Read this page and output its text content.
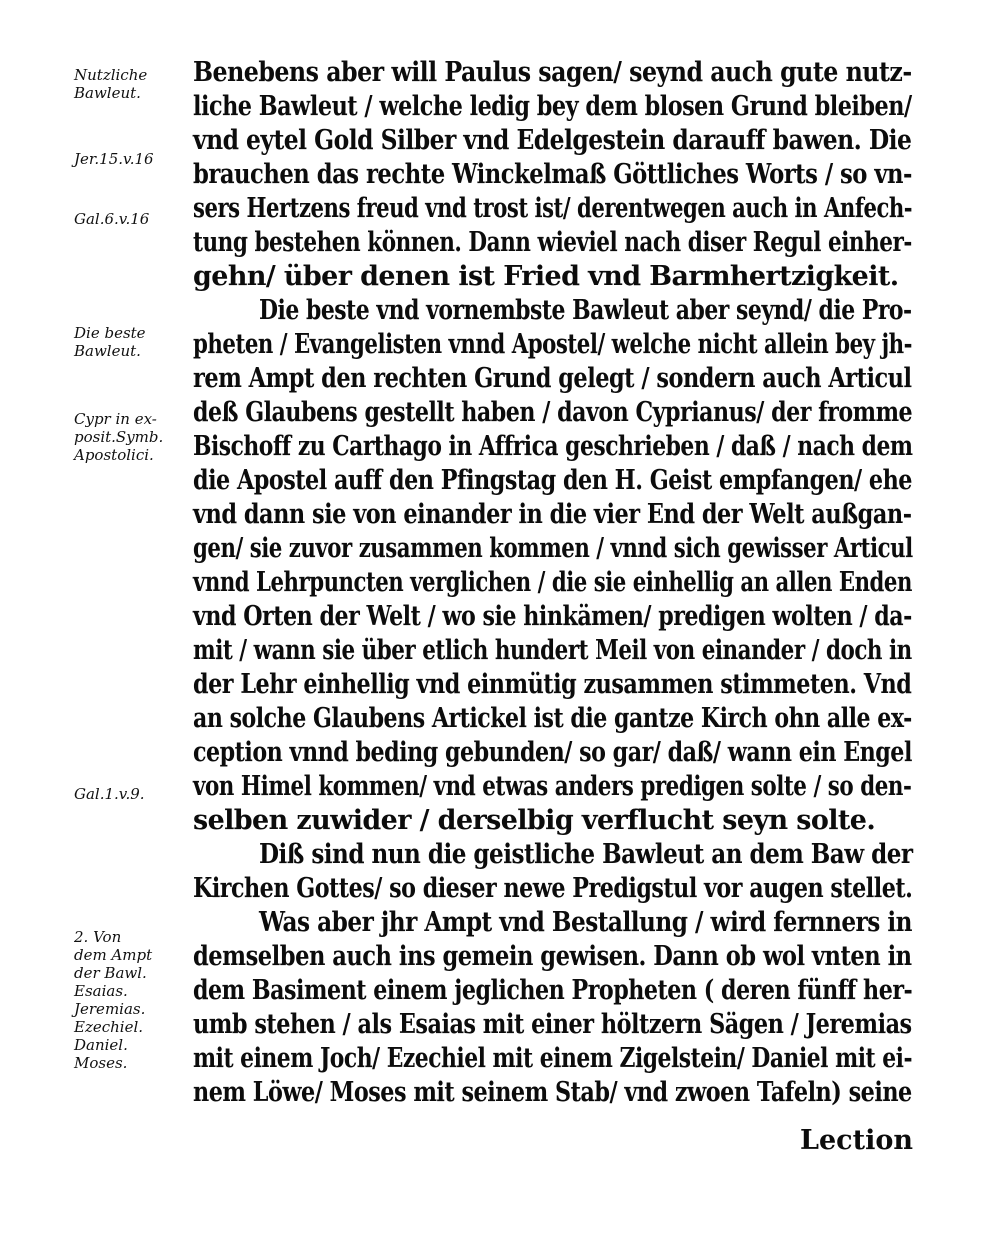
Nutzliche
Bawleut.
Jer.15.v.16
Gal.6.v.16
Die beste
Bawleut.
Cypr in ex-
posit.Symb.
Apostolici.
Gal.1.v.9.
2. Von
dem Ampt
der Bawl.
Esaias.
Jeremias.
Ezechiel.
Daniel.
Moses.
Benebens aber will Paulus sagen/ seynd auch gute nutz-
liche Bawleut / welche ledig bey dem blosen Grund bleiben/
vnd eytel Gold Silber vnd Edelgestein darauff bawen. Die
brauchen das rechte Winckelmaß Göttliches Worts / so vn-
sers Hertzens freud vnd trost ist/ derentwegen auch in Anfech-
tung bestehen können. Dann wieviel nach diser Regul einher-
gehn/ über denen ist Fried vnd Barmhertzigkeit.
Die beste vnd vornembste Bawleut aber seynd/ die Pro-
pheten / Evangelisten vnnd Apostel/ welche nicht allein bey jh-
rem Ampt den rechten Grund gelegt / sondern auch Articul
deß Glaubens gestellt haben / davon Cyprianus/ der fromme
Bischoff zu Carthago in Affrica geschrieben / daß / nach dem
die Apostel auff den Pfingstag den H. Geist empfangen/ ehe
vnd dann sie von einander in die vier End der Welt außgan-
gen/ sie zuvor zusammen kommen / vnnd sich gewisser Articul
vnnd Lehrpuncten verglichen / die sie einhellig an allen Enden
vnd Orten der Welt / wo sie hinkämen/ predigen wolten / da-
mit / wann sie über etlich hundert Meil von einander / doch in
der Lehr einhellig vnd einmütig zusammen stimmeten. Vnd
an solche Glaubens Artickel ist die gantze Kirch ohn alle ex-
ception vnnd beding gebunden/ so gar/ daß/ wann ein Engel
von Himel kommen/ vnd etwas anders predigen solte / so den-
selben zuwider / derselbig verflucht seyn solte.
Diß sind nun die geistliche Bawleut an dem Baw der
Kirchen Gottes/ so dieser newe Predigstul vor augen stellet.
Was aber jhr Ampt vnd Bestallung / wird fernners in
demselben auch ins gemein gewisen. Dann ob wol vnten in
dem Basiment einem jeglichen Propheten ( deren fünff her-
umb stehen / als Esaias mit einer höltzern Sägen / Jeremias
mit einem Joch/ Ezechiel mit einem Zigelstein/ Daniel mit ei-
nem Löwe/ Moses mit seinem Stab/ vnd zwoen Tafeln) seine
Lection
